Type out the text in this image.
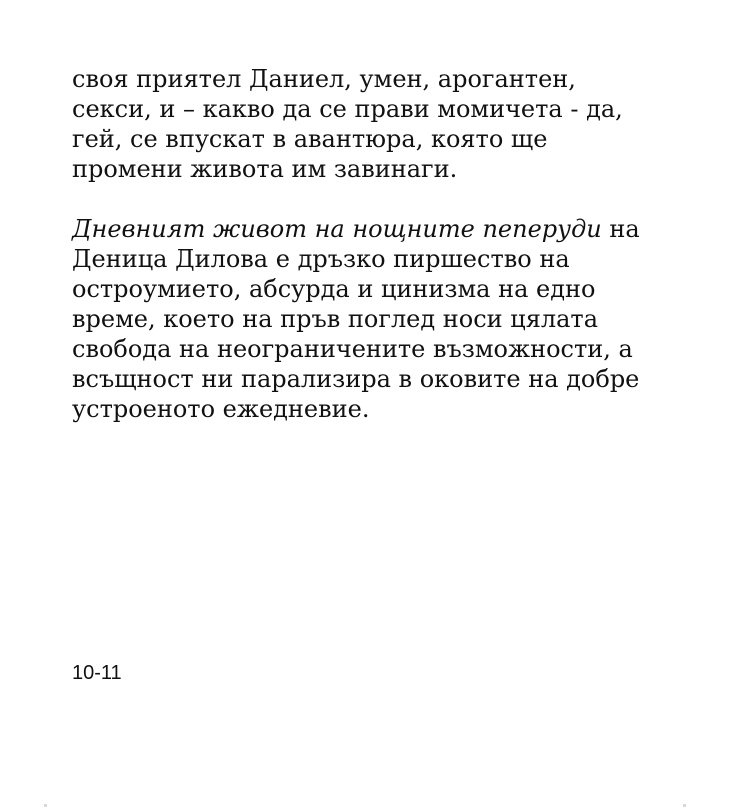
своя приятел Даниел, умен, арогантен,
секси, и – какво да се прави момичета - да,
гей, се впускат в авантюра, която ще
промени живота им завинаги.
Дневният живот на нощните пеперуди на
Деница Дилова е дръзко пиршество на
остроумието, абсурда и цинизма на едно
време, което на пръв поглед носи цялата
свобода на неограничените възможности, а
всъщност ни парализира в оковите на добре
устроеното ежедневие.
10-11
